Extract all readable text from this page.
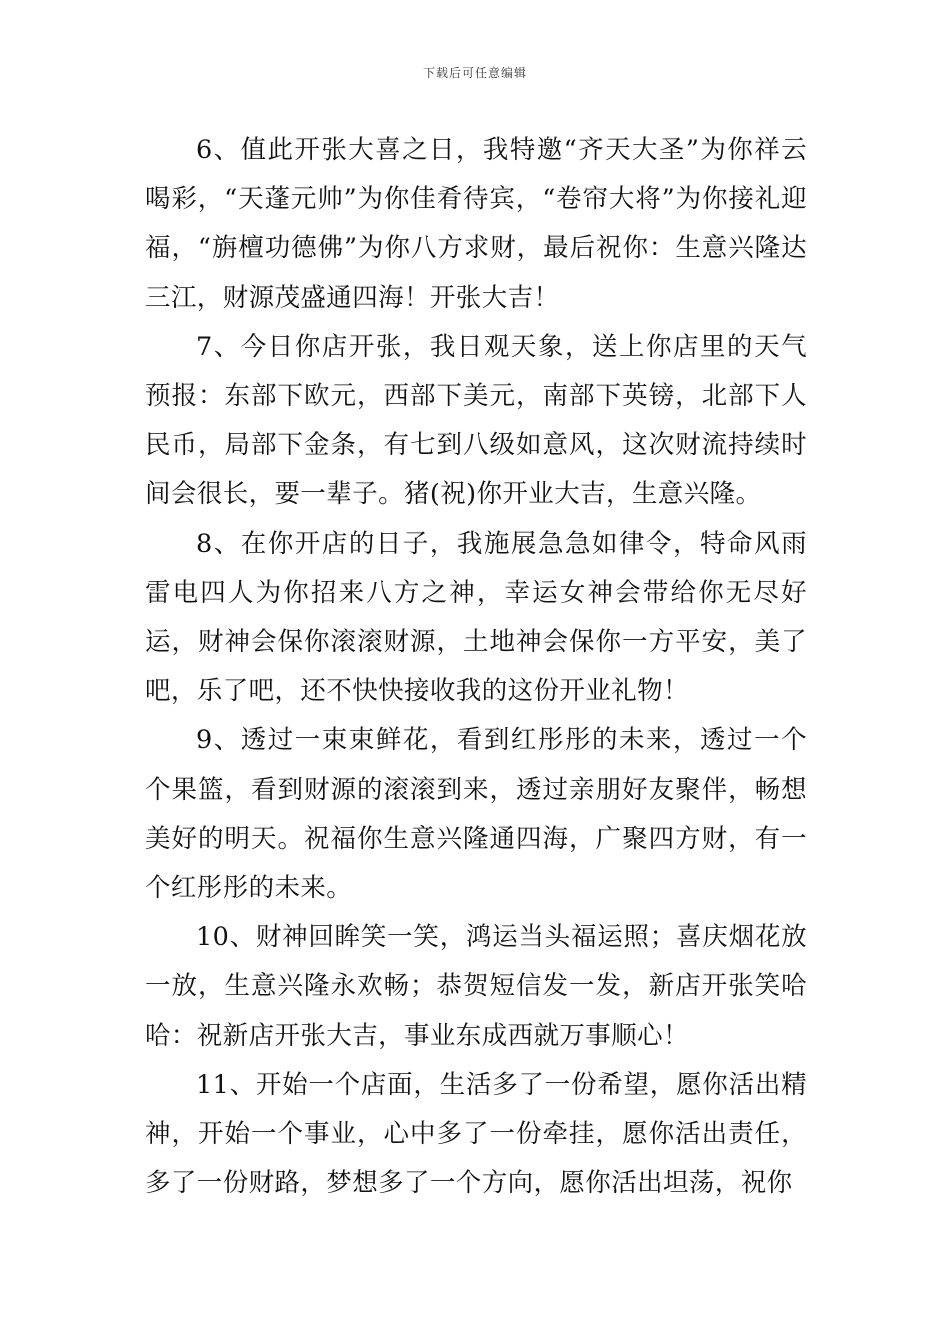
下载后可任意编辑

6、值此开张大喜之日，我特邀“齐天大圣”为你祥云喝彩，“天蓬元帅”为你佳肴待宾，“卷帘大将”为你接礼迎福，“旃檀功德佛”为你八方求财，最后祝你：生意兴隆达三江，财源茂盛通四海！开张大吉！

7、今日你店开张，我日观天象，送上你店里的天气预报：东部下欧元，西部下美元，南部下英镑，北部下人民币，局部下金条，有七到八级如意风，这次财流持续时间会很长，要一辈子。猪(祝)你开业大吉，生意兴隆。

8、在你开店的日子，我施展急急如律令，特命风雨雷电四人为你招来八方之神，幸运女神会带给你无尽好运，财神会保你滚滚财源，土地神会保你一方平安，美了吧，乐了吧，还不快快接收我的这份开业礼物！

9、透过一束束鲜花，看到红彤彤的未来，透过一个个果篮，看到财源的滚滚到来，透过亲朋好友聚伴，畅想美好的明天。祝福你生意兴隆通四海，广聚四方财，有一个红彤彤的未来。

10、财神回眸笑一笑，鸿运当头福运照；喜庆烟花放一放，生意兴隆永欢畅；恭贺短信发一发，新店开张笑哈哈：祝新店开张大吉，事业东成西就万事顺心！

11、开始一个店面，生活多了一份希望，愿你活出精神，开始一个事业，心中多了一份牵挂，愿你活出责任，多了一份财路，梦想多了一个方向，愿你活出坦荡，祝你
